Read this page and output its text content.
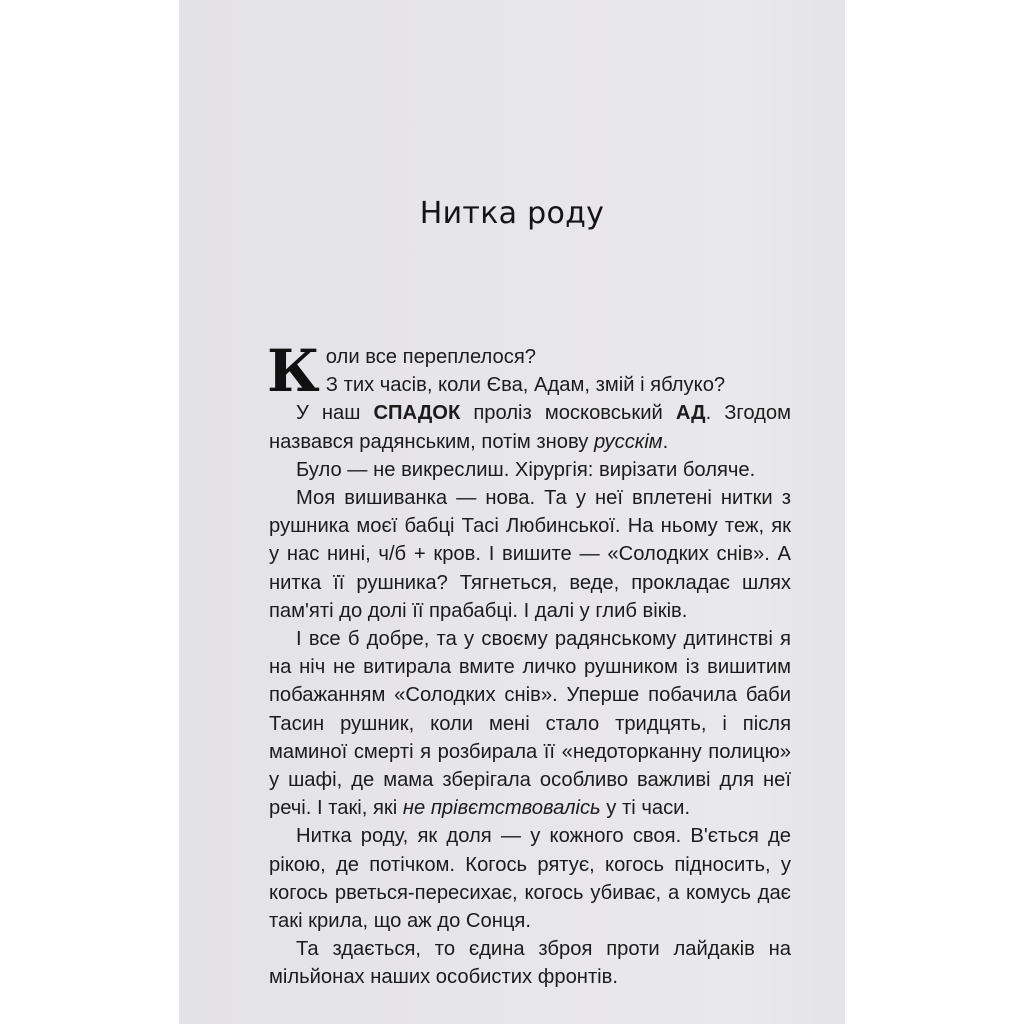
Нитка роду

Коли все переплелося?
З тих часів, коли Єва, Адам, змій і яблуко?

У наш СПАДОК проліз московський АД. Згодом назвався радянським, потім знову русскім.

Було — не викреслиш. Хірургія: вирізати боляче.

Моя вишиванка — нова. Та у неї вплетені нитки з рушника моєї бабці Тасі Любинської. На ньому теж, як у нас нині, ч/б + кров. І вишите — «Солодких снів». А нитка її рушника? Тягнеться, веде, прокладає шлях пам'яті до долі її прабабці. І далі у глиб віків.

І все б добре, та у своєму радянському дитинстві я на ніч не витирала вмите личко рушником із вишитим побажанням «Солодких снів». Уперше побачила баби Тасин рушник, коли мені стало тридцять, і після маминої смерті я розбирала її «недоторканну полицю» у шафі, де мама зберігала особливо важливі для неї речі. І такі, які не прівєтствовалісь у ті часи.

Нитка роду, як доля — у кожного своя. В'ється де рікою, де потічком. Когось рятує, когось підносить, у когось рветься-пересихає, когось убиває, а комусь дає такі крила, що аж до Сонця.

Та здається, то єдина зброя проти лайдаків на мільйонах наших особистих фронтів.
